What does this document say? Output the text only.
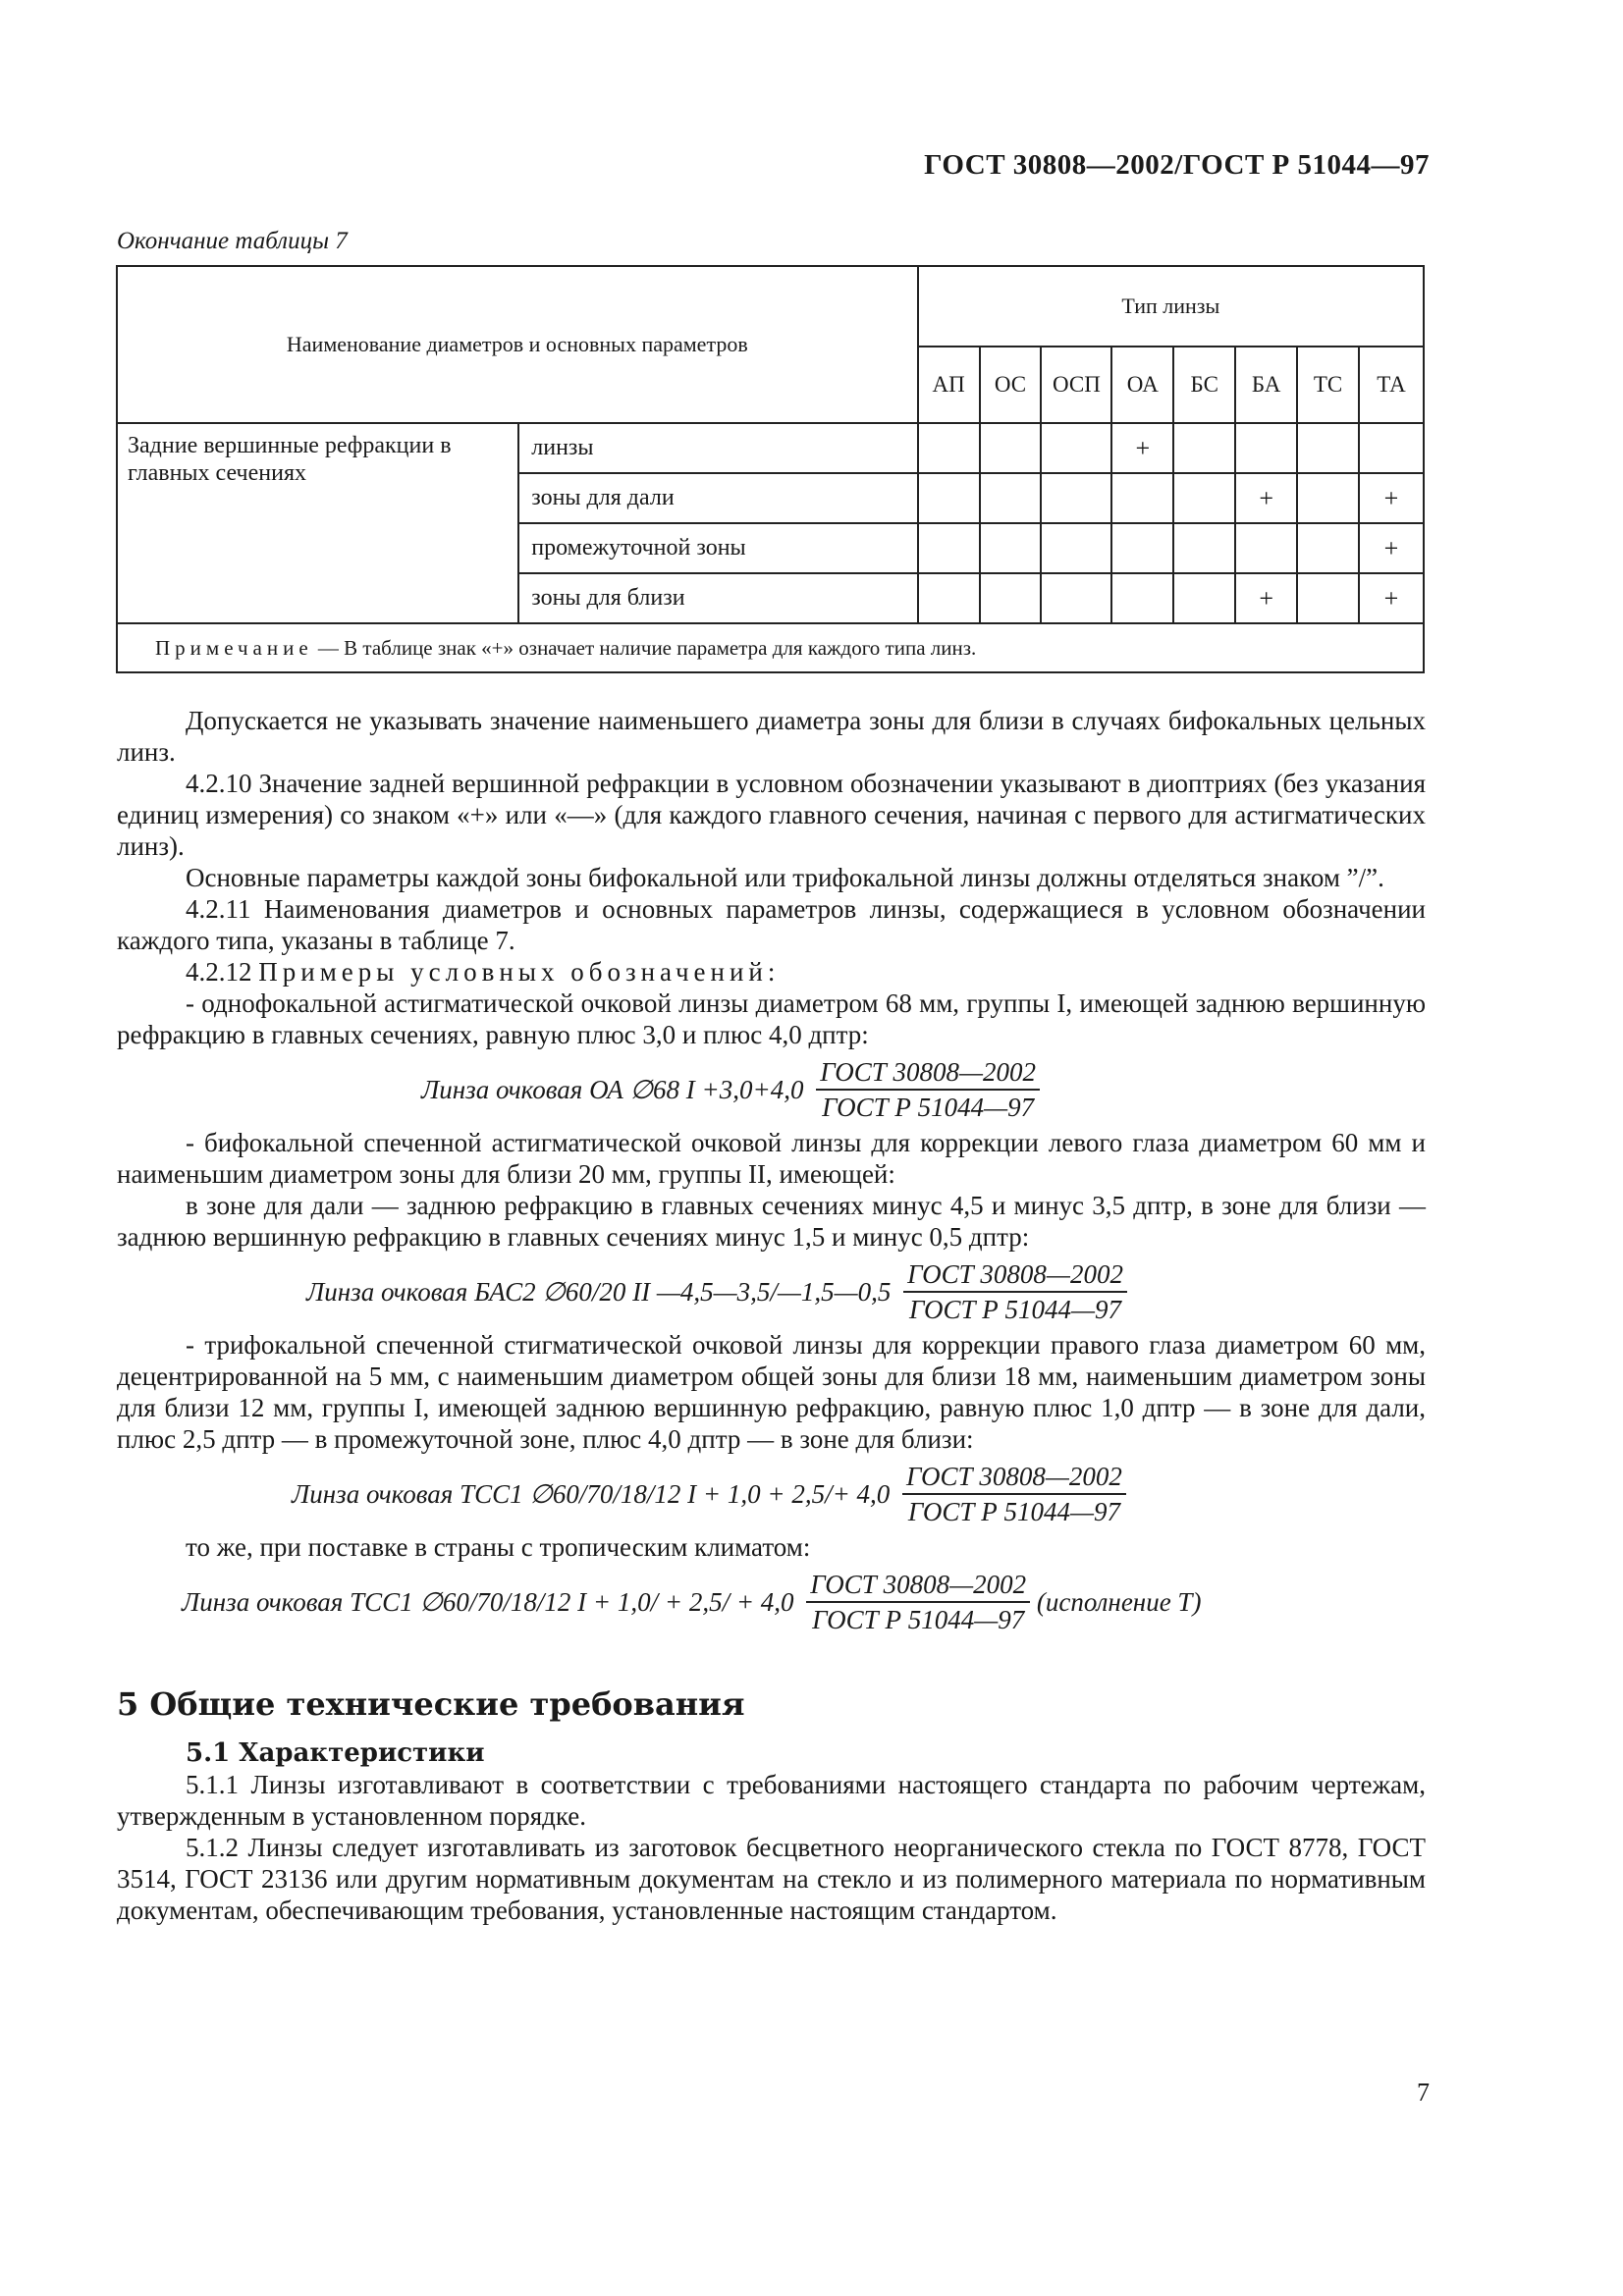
ГОСТ 30808—2002/ГОСТ Р 51044—97
Окончание таблицы 7
Наименование диаметров и основных параметров		Тип линзы							
		АП	ОС	ОСП	ОА	БС	БА	ТС	ТА
Задние вершинные рефракции в главных сечениях	линзы				+				
	зоны для дали						+		+
	промежуточной зоны								+
	зоны для близи						+		+
Примечание — В таблице знак «+» означает наличие параметра для каждого типа линз.									

Допускается не указывать значение наименьшего диаметра зоны для близи в случаях бифокальных цельных линз.

4.2.10 Значение задней вершинной рефракции в условном обозначении указывают в диоптриях (без указания единиц измерения) со знаком «+» или «—» (для каждого главного сечения, начиная с первого для астигматических линз).

Основные параметры каждой зоны бифокальной или трифокальной линзы должны отделяться знаком ”/”.

4.2.11 Наименования диаметров и основных параметров линзы, содержащиеся в условном обозначении каждого типа, указаны в таблице 7.

4.2.12 Примеры условных обозначений:

- однофокальной астигматической очковой линзы диаметром 68 мм, группы I, имеющей заднюю вершинную рефракцию в главных сечениях, равную плюс 3,0 и плюс 4,0 дптр:

Линза очковая ОА ∅68 $I +3,0+4,0 \frac{\text{ГОСТ 30808—2002}}{\text{ГОСТ Р 51044—97}}$

- бифокальной спеченной астигматической очковой линзы для коррекции левого глаза диаметром 60 мм и наименьшим диаметром зоны для близи 20 мм, группы II, имеющей:

в зоне для дали — заднюю рефракцию в главных сечениях минус 4,5 и минус 3,5 дптр, в зоне для близи — заднюю вершинную рефракцию в главных сечениях минус 1,5 и минус 0,5 дптр:

Линза очковая БАС2 ∅60/20 II —4,5—3,5/—1,5—0,5 $\frac{\text{ГОСТ 30808—2002}}{\text{ГОСТ Р 51044—97}}$

- трифокальной спеченной стигматической очковой линзы для коррекции правого глаза диаметром 60 мм, децентрированной на 5 мм, с наименьшим диаметром общей зоны для близи 18 мм, наименьшим диаметром зоны для близи 12 мм, группы I, имеющей заднюю вершинную рефракцию, равную плюс 1,0 дптр — в зоне для дали, плюс 2,5 дптр — в промежуточной зоне, плюс 4,0 дптр — в зоне для близи:

Линза очковая ТСС1 ∅60/70/18/12 $I + 1,0 + 2,5/+ 4,0 \frac{\text{ГОСТ 30808—2002}}{\text{ГОСТ Р 51044—97}}$

то же, при поставке в страны с тропическим климатом:

Линза очковая ТСС1 ∅60/70/18/12 $I + 1,0/ + 2,5/ + 4,0 \frac{\text{ГОСТ 30808—2002}}{\text{ГОСТ Р 51044—97}}$ (исполнение Т)
5 Общие технические требования
5.1 Характеристики

5.1.1 Линзы изготавливают в соответствии с требованиями настоящего стандарта по рабочим чертежам, утвержденным в установленном порядке.

5.1.2 Линзы следует изготавливать из заготовок бесцветного неорганического стекла по ГОСТ 8778, ГОСТ 3514, ГОСТ 23136 или другим нормативным документам на стекло и из полимерного материала по нормативным документам, обеспечивающим требования, установленные настоящим стандартом.

7
